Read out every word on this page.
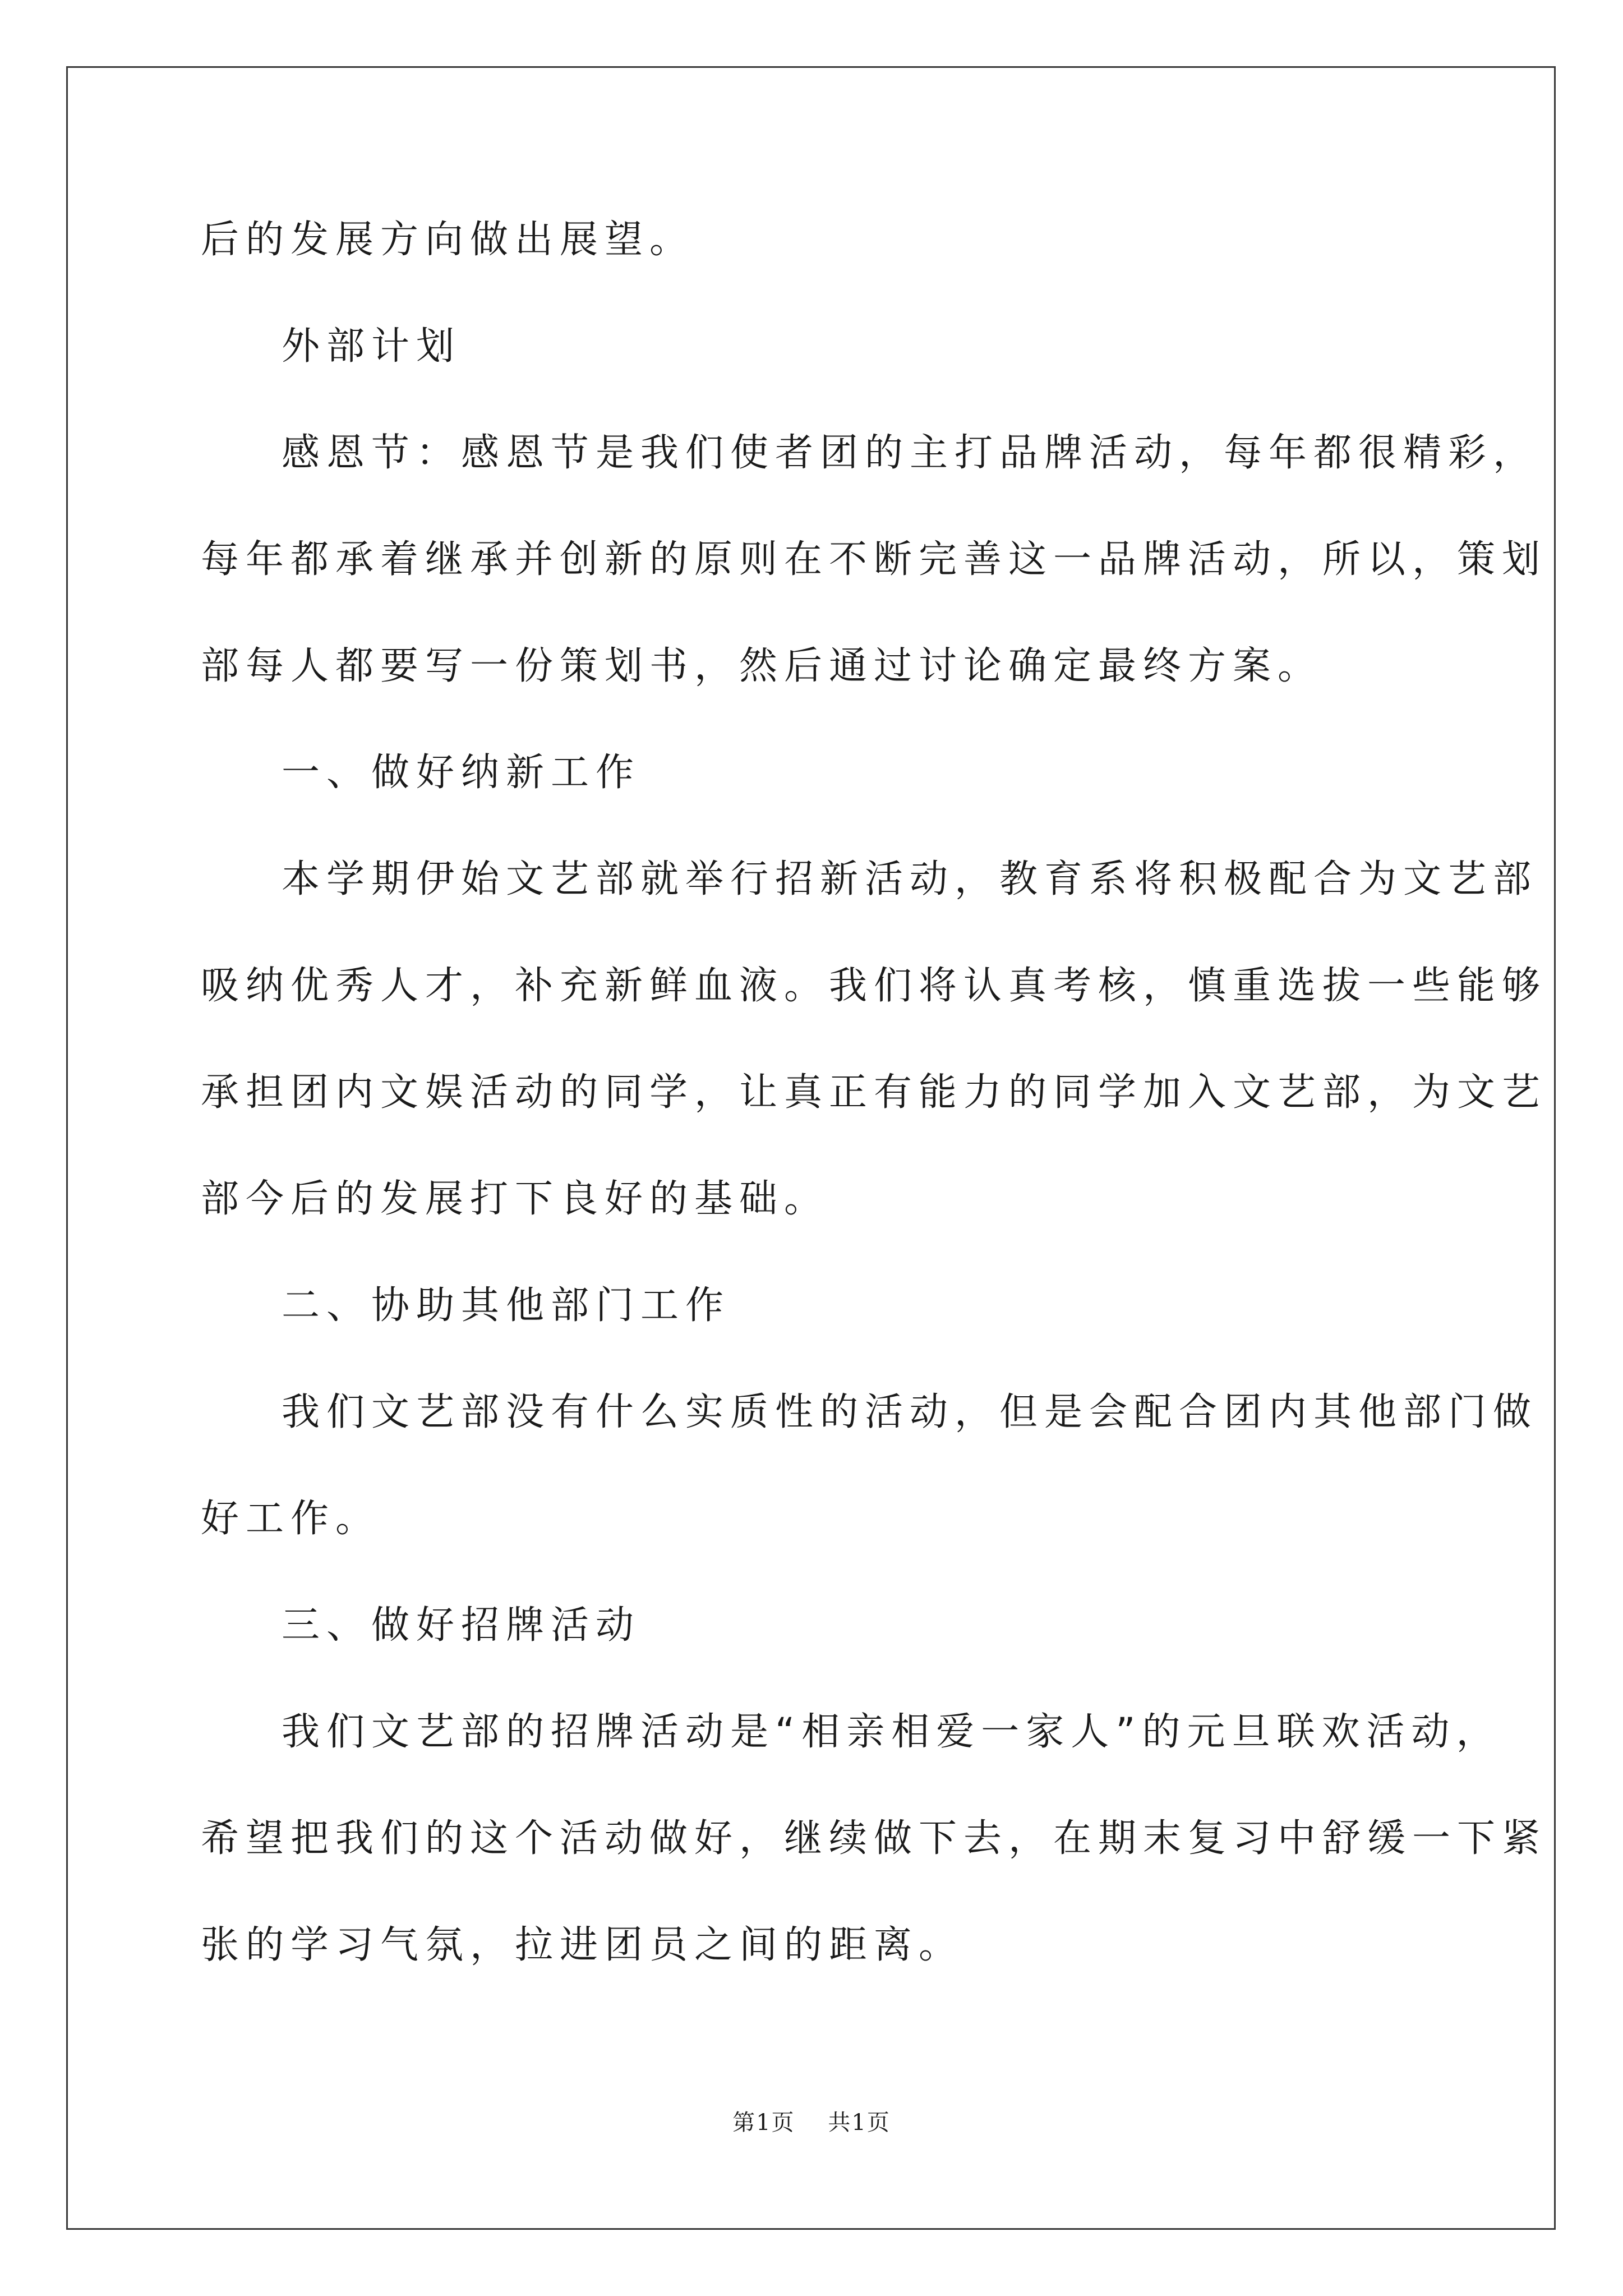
后的发展方向做出展望。
外部计划
感恩节：感恩节是我们使者团的主打品牌活动，每年都很精彩，
每年都承着继承并创新的原则在不断完善这一品牌活动，所以，策划
部每人都要写一份策划书，然后通过讨论确定最终方案。
一、做好纳新工作
本学期伊始文艺部就举行招新活动，教育系将积极配合为文艺部
吸纳优秀人才，补充新鲜血液。我们将认真考核，慎重选拔一些能够
承担团内文娱活动的同学，让真正有能力的同学加入文艺部，为文艺
部今后的发展打下良好的基础。
二、协助其他部门工作
我们文艺部没有什么实质性的活动，但是会配合团内其他部门做
好工作。
三、做好招牌活动
我们文艺部的招牌活动是“相亲相爱一家人”的元旦联欢活动，
希望把我们的这个活动做好，继续做下去，在期末复习中舒缓一下紧
张的学习气氛，拉进团员之间的距离。
第1页 共1页
